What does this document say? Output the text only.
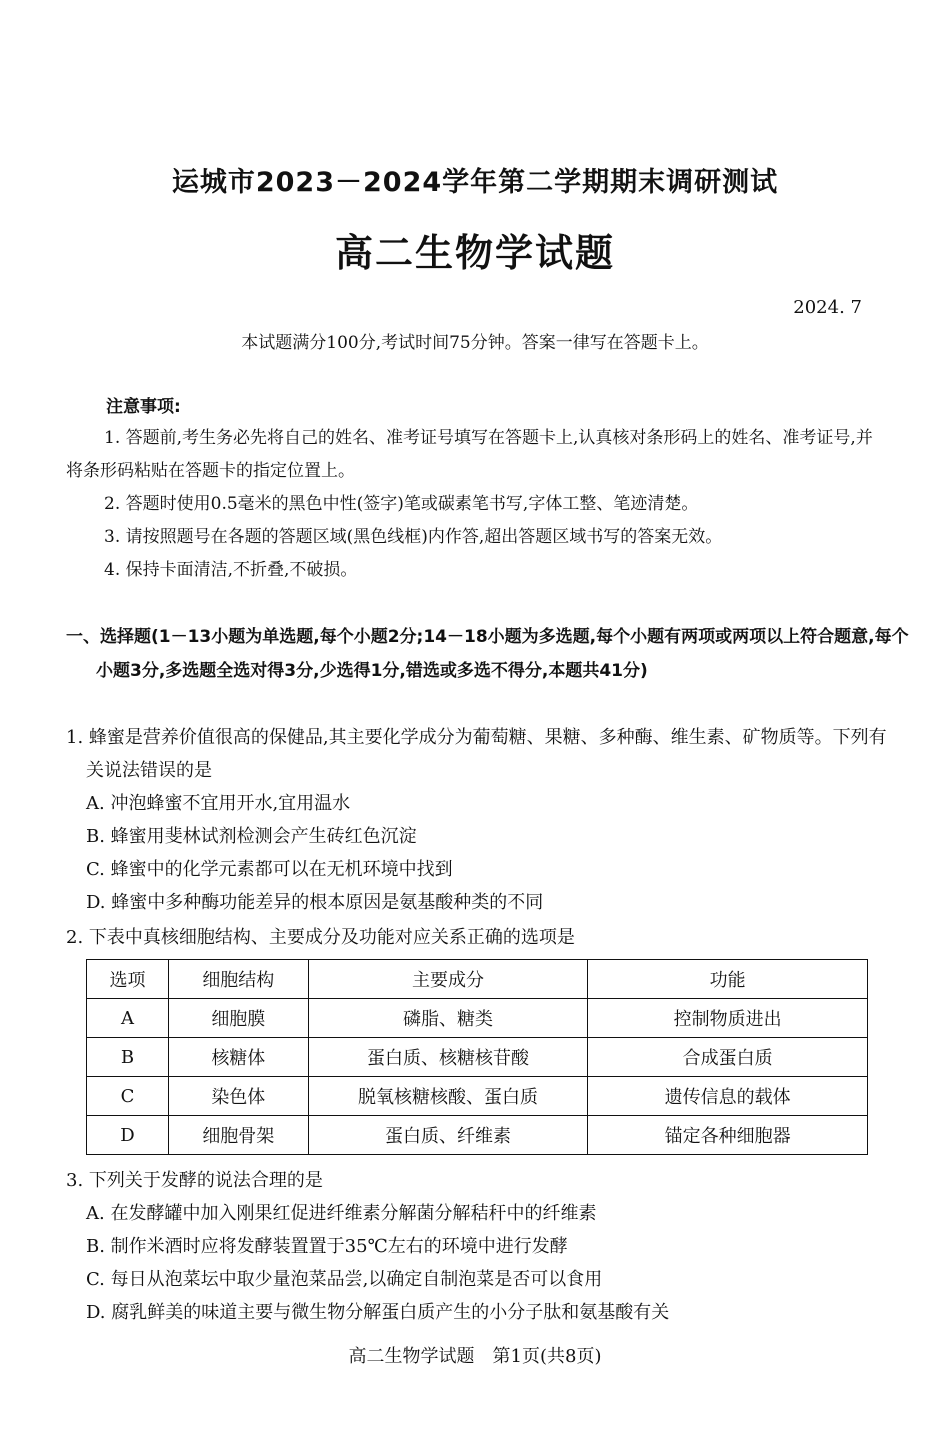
运城市2023－2024学年第二学期期末调研测试
高二生物学试题
2024. 7
本试题满分100分,考试时间75分钟。答案一律写在答题卡上。
注意事项:

1. 答题前,考生务必先将自己的姓名、准考证号填写在答题卡上,认真核对条形码上的姓名、准考证号,并将条形码粘贴在答题卡的指定位置上。

2. 答题时使用0.5毫米的黑色中性(签字)笔或碳素笔书写,字体工整、笔迹清楚。

3. 请按照题号在各题的答题区域(黑色线框)内作答,超出答题区域书写的答案无效。

4. 保持卡面清洁,不折叠,不破损。

一、选择题(1－13小题为单选题,每个小题2分;14－18小题为多选题,每个小题有两项或两项以上符合题意,每个小题3分,多选题全选对得3分,少选得1分,错选或多选不得分,本题共41分)

1. 蜂蜜是营养价值很高的保健品,其主要化学成分为葡萄糖、果糖、多种酶、维生素、矿物质等。下列有关说法错误的是

A. 冲泡蜂蜜不宜用开水,宜用温水

B. 蜂蜜用斐林试剂检测会产生砖红色沉淀

C. 蜂蜜中的化学元素都可以在无机环境中找到

D. 蜂蜜中多种酶功能差异的根本原因是氨基酸种类的不同

2. 下表中真核细胞结构、主要成分及功能对应关系正确的选项是

选项	细胞结构	主要成分	功能
A	细胞膜	磷脂、糖类	控制物质进出
B	核糖体	蛋白质、核糖核苷酸	合成蛋白质
C	染色体	脱氧核糖核酸、蛋白质	遗传信息的载体
D	细胞骨架	蛋白质、纤维素	锚定各种细胞器

3. 下列关于发酵的说法合理的是

A. 在发酵罐中加入刚果红促进纤维素分解菌分解秸秆中的纤维素

B. 制作米酒时应将发酵装置置于35℃左右的环境中进行发酵

C. 每日从泡菜坛中取少量泡菜品尝,以确定自制泡菜是否可以食用

D. 腐乳鲜美的味道主要与微生物分解蛋白质产生的小分子肽和氨基酸有关

高二生物学试题　第1页(共8页)
